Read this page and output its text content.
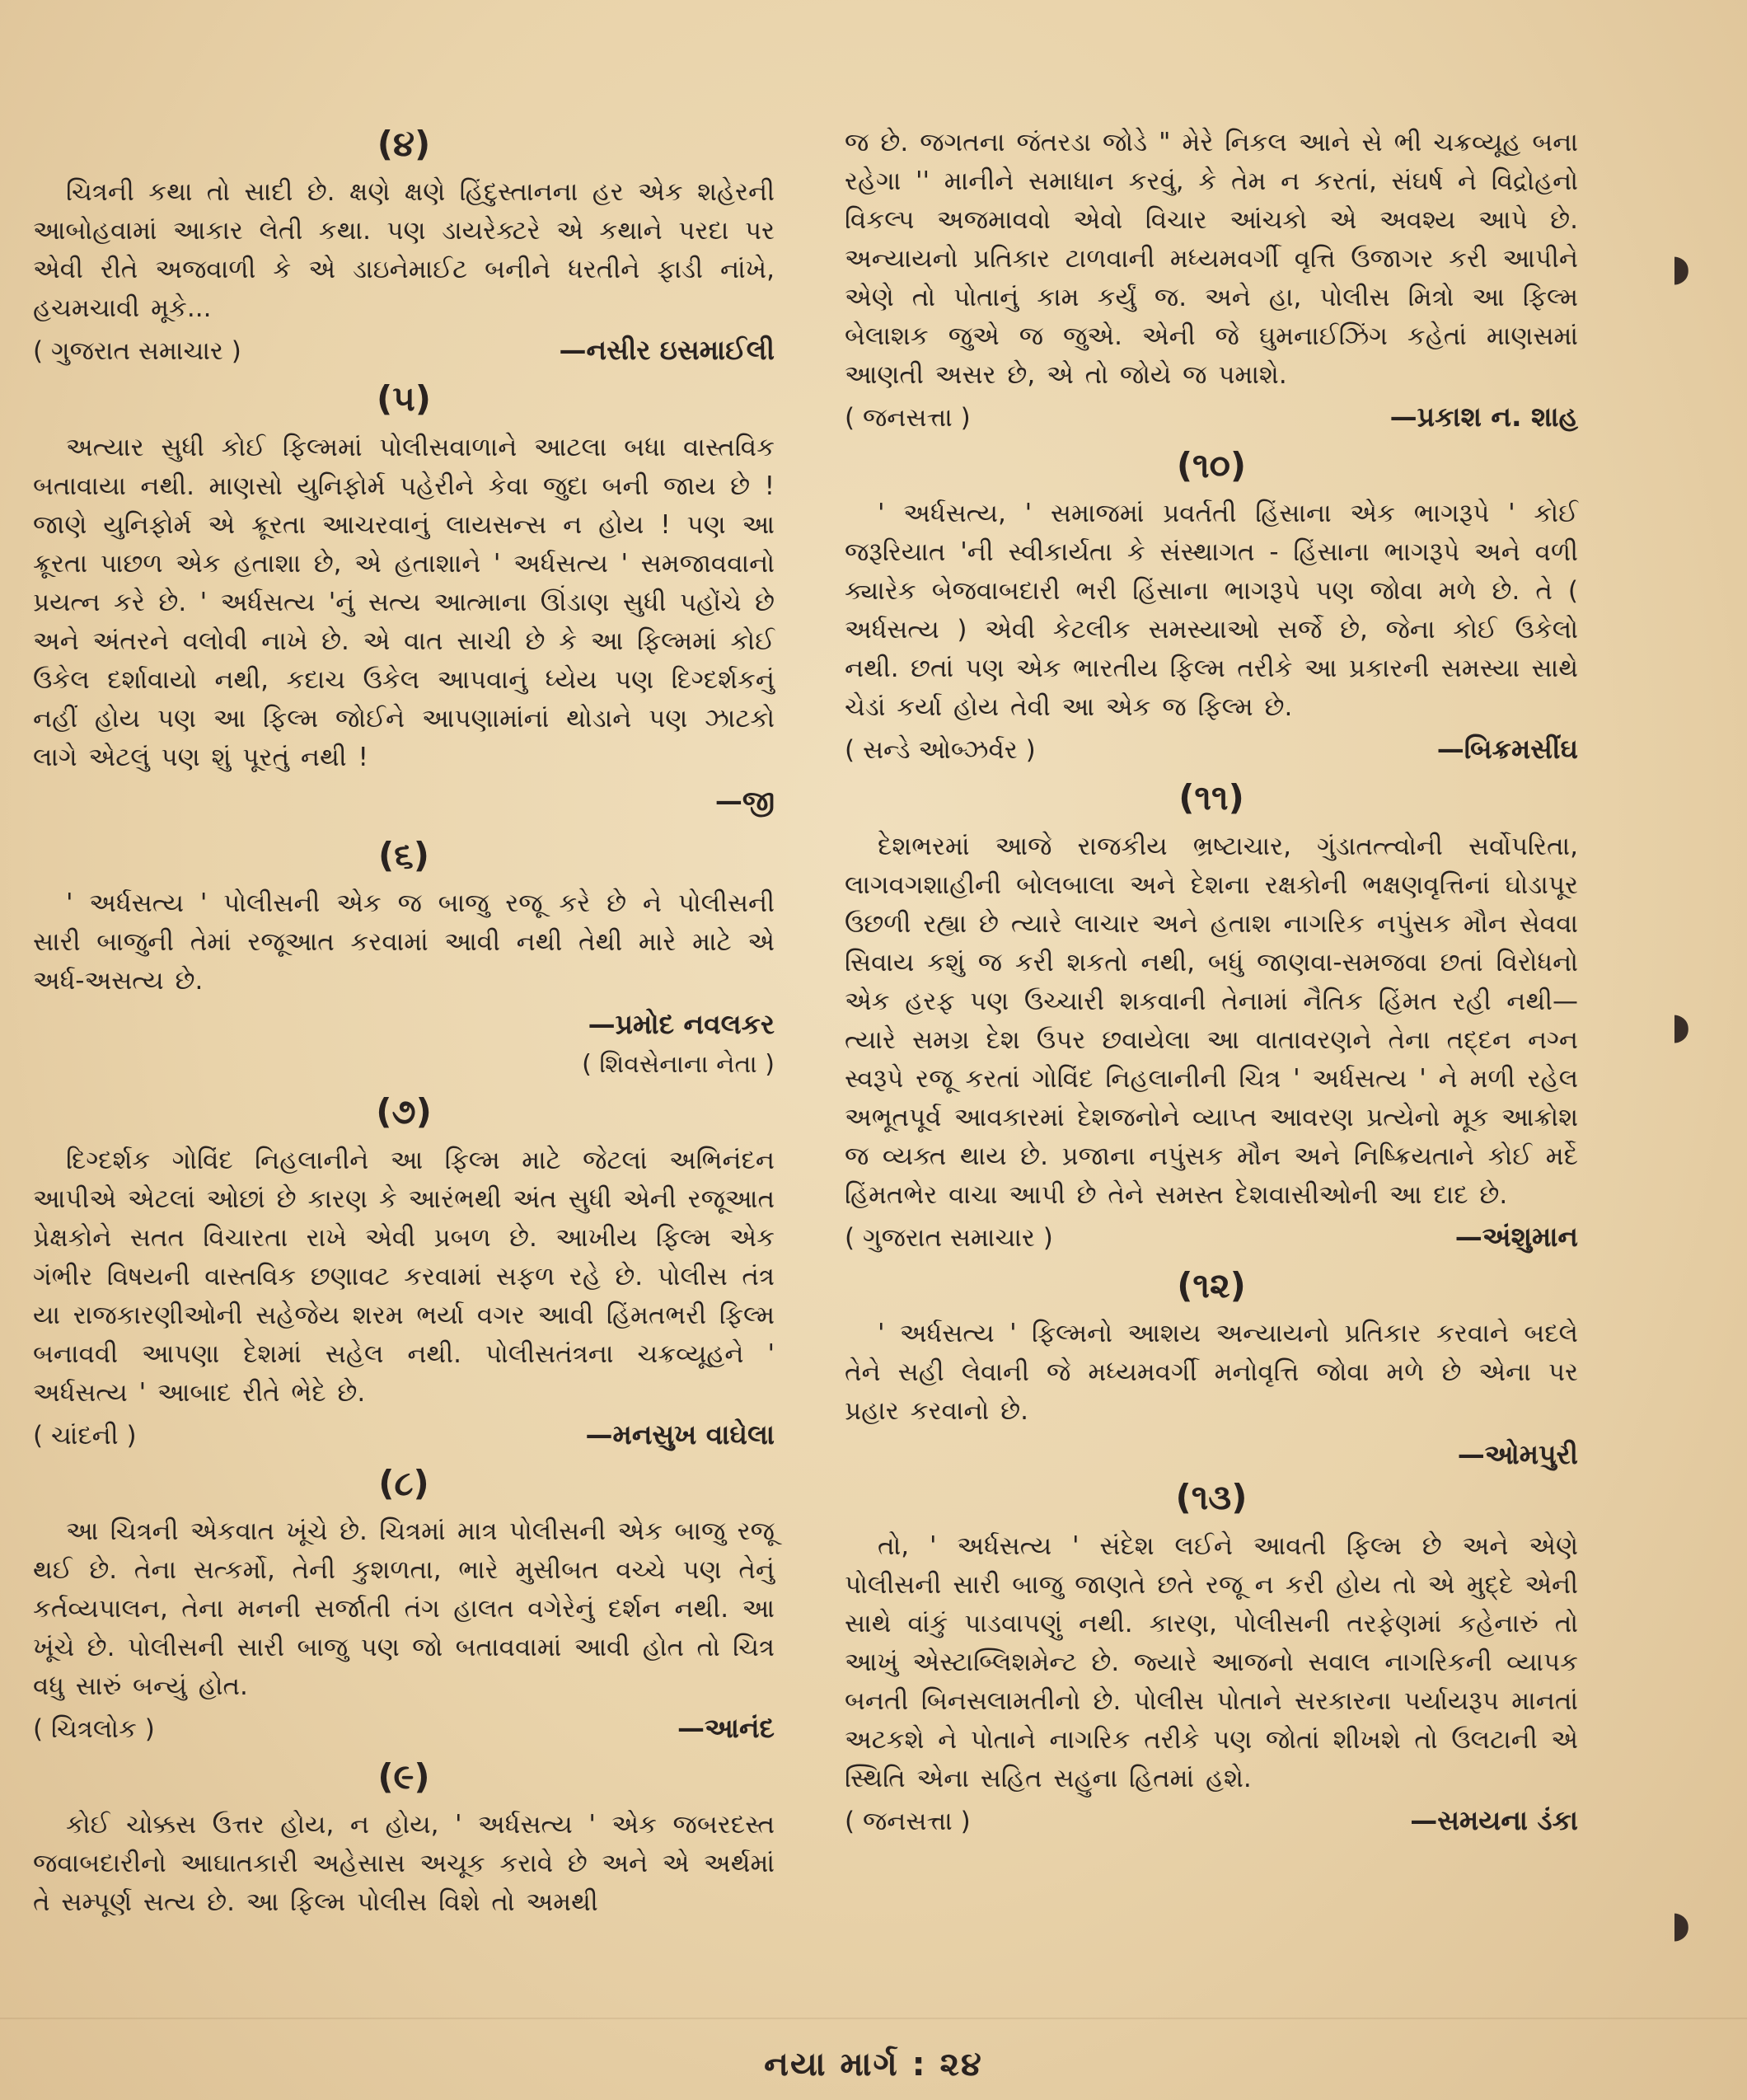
(૪)

ચિત્રની કથા તો સાદી છે. ક્ષણે ક્ષણે હિંદુસ્તાનના હર એક શહેરની આબોહવામાં આકાર લેતી કથા. પણ ડાયરેક્ટરે એ કથાને પરદા પર એવી રીતે અજવાળી કે એ ડાઇનેમાઈટ બનીને ધરતીને ફાડી નાંખે, હચમચાવી મૂકે...

( ગુજરાત સમાચાર )	—નસીર ઇસમાઈલી
(૫)

અત્યાર સુધી કોઈ ફિલ્મમાં પોલીસવાળાને આટલા બધા વાસ્તવિક બતાવાયા નથી. માણસો યુનિફોર્મ પહેરીને કેવા જુદા બની જાય છે ! જાણે યુનિફોર્મ એ ક્રૂરતા આચરવાનું લાયસન્સ ન હોય ! પણ આ ક્રૂરતા પાછળ એક હતાશા છે, એ હતાશાને ' અર્ધસત્ય ' સમજાવવાનો પ્રયત્ન કરે છે. ' અર્ધસત્ય 'નું સત્ય આત્માના ઊંડાણ સુધી પહોંચે છે અને અંતરને વલોવી નાખે છે. એ વાત સાચી છે કે આ ફિલ્મમાં કોઈ ઉકેલ દર્શાવાયો નથી, કદાચ ઉકેલ આપવાનું ધ્યેય પણ દિગ્દર્શકનું નહીં હોય પણ આ ફિલ્મ જોઈને આપણામાંનાં થોડાને પણ ઝાટકો લાગે એટલું પણ શું પૂરતું નથી !

—જી
(૬)

' અર્ધસત્ય ' પોલીસની એક જ બાજુ રજૂ કરે છે ને પોલીસની સારી બાજુની તેમાં રજૂઆત કરવામાં આવી નથી તેથી મારે માટે એ અર્ધ-અસત્ય છે.

—પ્રમોદ નવલકર
( શિવસેનાના નેતા )
(૭)

દિગ્દર્શક ગોવિંદ નિહલાનીને આ ફિલ્મ માટે જેટલાં અભિનંદન આપીએ એટલાં ઓછાં છે કારણ કે આરંભથી અંત સુધી એની રજૂઆત પ્રેક્ષકોને સતત વિચારતા રાખે એવી પ્રબળ છે. આખીય ફિલ્મ એક ગંભીર વિષયની વાસ્તવિક છણાવટ કરવામાં સફળ રહે છે. પોલીસ તંત્ર યા રાજકારણીઓની સહેજેય શરમ ભર્યા વગર આવી હિંમતભરી ફિલ્મ બનાવવી આપણા દેશમાં સહેલ નથી. પોલીસતંત્રના ચક્રવ્યૂહને ' અર્ધસત્ય ' આબાદ રીતે ભેદે છે.

( ચાંદની )	—મનસુખ વાઘેલા
(૮)

આ ચિત્રની એકવાત ખૂંચે છે. ચિત્રમાં માત્ર પોલીસની એક બાજુ રજૂ થઈ છે. તેના સત્કર્મો, તેની કુશળતા, ભારે મુસીબત વચ્ચે પણ તેનું કર્તવ્યપાલન, તેના મનની સર્જાતી તંગ હાલત વગેરેનું દર્શન નથી. આ ખૂંચે છે. પોલીસની સારી બાજુ પણ જો બતાવવામાં આવી હોત તો ચિત્ર વધુ સારું બન્યું હોત.

( ચિત્રલોક )	—આનંદ
(૯)

કોઈ ચોક્કસ ઉત્તર હોય, ન હોય, ' અર્ધસત્ય ' એક જબરદસ્ત જવાબદારીનો આઘાતકારી અહેસાસ અચૂક કરાવે છે અને એ અર્થમાં તે સમ્પૂર્ણ સત્ય છે. આ ફિલ્મ પોલીસ વિશે તો અમથી

જ છે. જગતના જંતરડા જોડે " મેરે નિકલ આને સે ભી ચક્રવ્યૂહ બના રહેગા '' માનીને સમાધાન કરવું, કે તેમ ન કરતાં, સંઘર્ષ ને વિદ્રોહનો વિકલ્પ અજમાવવો એવો વિચાર આંચકો એ અવશ્ય આપે છે. અન્યાયનો પ્રતિકાર ટાળવાની મધ્યમવર્ગી વૃત્તિ ઉજાગર કરી આપીને એણે તો પોતાનું કામ કર્યું જ. અને હા, પોલીસ મિત્રો આ ફિલ્મ બેલાશક જુએ જ જુએ. એની જે ઘુમનાઈઝિંગ કહેતાં માણસમાં આણતી અસર છે, એ તો જોયે જ પમાશે.

( જનસત્તા )	—પ્રકાશ ન. શાહ
(૧૦)

' અર્ધસત્ય, ' સમાજમાં પ્રવર્તતી હિંસાના એક ભાગરૂપે ' કોઈ જરૂરિયાત 'ની સ્વીકાર્યતા કે સંસ્થાગત - હિંસાના ભાગરૂપે અને વળી ક્યારેક બેજવાબદારી ભરી હિંસાના ભાગરૂપે પણ જોવા મળે છે. તે ( અર્ધસત્ય ) એવી કેટલીક સમસ્યાઓ સર્જે છે, જેના કોઈ ઉકેલો નથી. છતાં પણ એક ભારતીય ફિલ્મ તરીકે આ પ્રકારની સમસ્યા સાથે ચેડાં કર્યા હોય તેવી આ એક જ ફિલ્મ છે.

( સન્ડે ઓબ્ઝર્વર )	—બિક્રમસીંઘ
(૧૧)

દેશભરમાં આજે રાજકીય ભ્રષ્ટાચાર, ગુંડાતત્ત્વોની સર્વોપરિતા, લાગવગશાહીની બોલબાલા અને દેશના રક્ષકોની ભક્ષણવૃત્તિનાં ઘોડાપૂર ઉછળી રહ્યા છે ત્યારે લાચાર અને હતાશ નાગરિક નપુંસક મૌન સેવવા સિવાય કશું જ કરી શકતો નથી, બધું જાણવા-સમજવા છતાં વિરોધનો એક હરફ પણ ઉચ્ચારી શકવાની તેનામાં નૈતિક હિંમત રહી નથી—ત્યારે સમગ્ર દેશ ઉપર છવાયેલા આ વાતાવરણને તેના તદ્દન નગ્ન સ્વરૂપે રજૂ કરતાં ગોવિંદ નિહલાનીની ચિત્ર ' અર્ધસત્ય ' ને મળી રહેલ અભૂતપૂર્વ આવકારમાં દેશજનોને વ્યાપ્ત આવરણ પ્રત્યેનો મૂક આક્રોશ જ વ્યક્ત થાય છે. પ્રજાના નપુંસક મૌન અને નિષ્ક્રિયતાને કોઈ મર્દે હિંમતભેર વાચા આપી છે તેને સમસ્ત દેશવાસીઓની આ દાદ છે.

( ગુજરાત સમાચાર )	—અંશુમાન
(૧૨)

' અર્ધસત્ય ' ફિલ્મનો આશય અન્યાયનો પ્રતિકાર કરવાને બદલે તેને સહી લેવાની જે મધ્યમવર્ગી મનોવૃત્તિ જોવા મળે છે એના પર પ્રહાર કરવાનો છે.

—ઓમપુરી
(૧૩)

તો, ' અર્ધસત્ય ' સંદેશ લઈને આવતી ફિલ્મ છે અને એણે પોલીસની સારી બાજુ જાણતે છતે રજૂ ન કરી હોય તો એ મુદ્દે એની સાથે વાંકું પાડવાપણું નથી. કારણ, પોલીસની તરફેણમાં કહેનારું તો આખું એસ્ટાબ્લિશમેન્ટ છે. જ્યારે આજનો સવાલ નાગરિકની વ્યાપક બનતી બિનસલામતીનો છે. પોલીસ પોતાને સરકારના પર્યાયરૂપ માનતાં અટકશે ને પોતાને નાગરિક તરીકે પણ જોતાં શીખશે તો ઉલટાની એ સ્થિતિ એના સહિત સહુના હિતમાં હશે.

( જનસત્તા )	—સમયના ડંકા
નયા માર્ગ : ૨૪
◗
◗
◗
